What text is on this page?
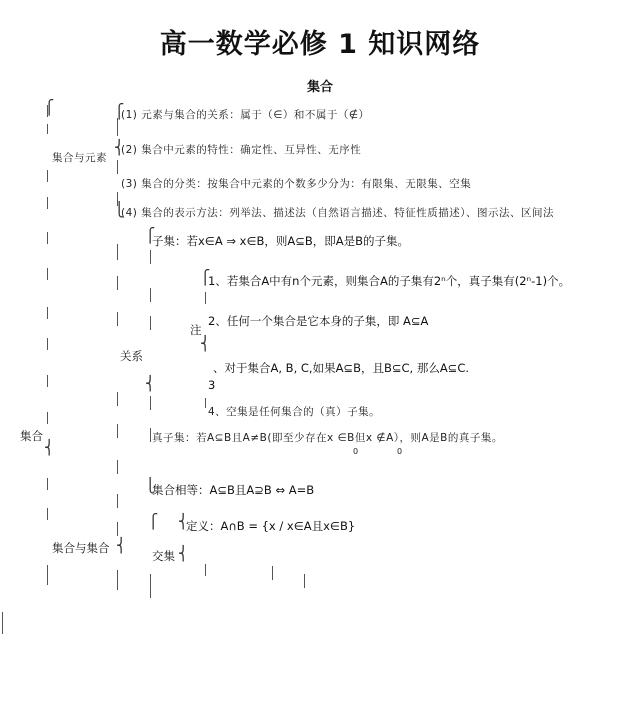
高一数学必修 1 知识网络
集合
⎧
⎨
集合
集合与元素
⎧
⎨
⎩
(1) 元素与集合的关系：属于（∈）和不属于（∉）
(2) 集合中元素的特性：确定性、互异性、无序性
(3) 集合的分类：按集合中元素的个数多少分为：有限集、无限集、空集
(4) 集合的表示方法：列举法、描述法（自然语言描述、特征性质描述）、图示法、区间法
关系
集合与集合 ⎨
⎧
⎨
子集：若x∈A ⇒ x∈B，则A⊆B，即A是B的子集。
注
⎧
⎨
1、若集合A中有n个元素，则集合A的子集有2ⁿ个，真子集有(2ⁿ-1)个。
2、任何一个集合是它本身的子集，即 A⊆A
、对于集合A, B, C,如果A⊆B，且B⊆C, 那么A⊆C.
3
4、空集是任何集合的（真）子集。
真子集：若A⊆B且A≠B(即至少存在x ∈B但x ∉A），则A是B的真子集。
0	0
⎩
集合相等：A⊆B且A⊇B ⇔ A=B
⎧ ⎨
定义：A∩B = {x / x∈A且x∈B}
交集 ⎨
